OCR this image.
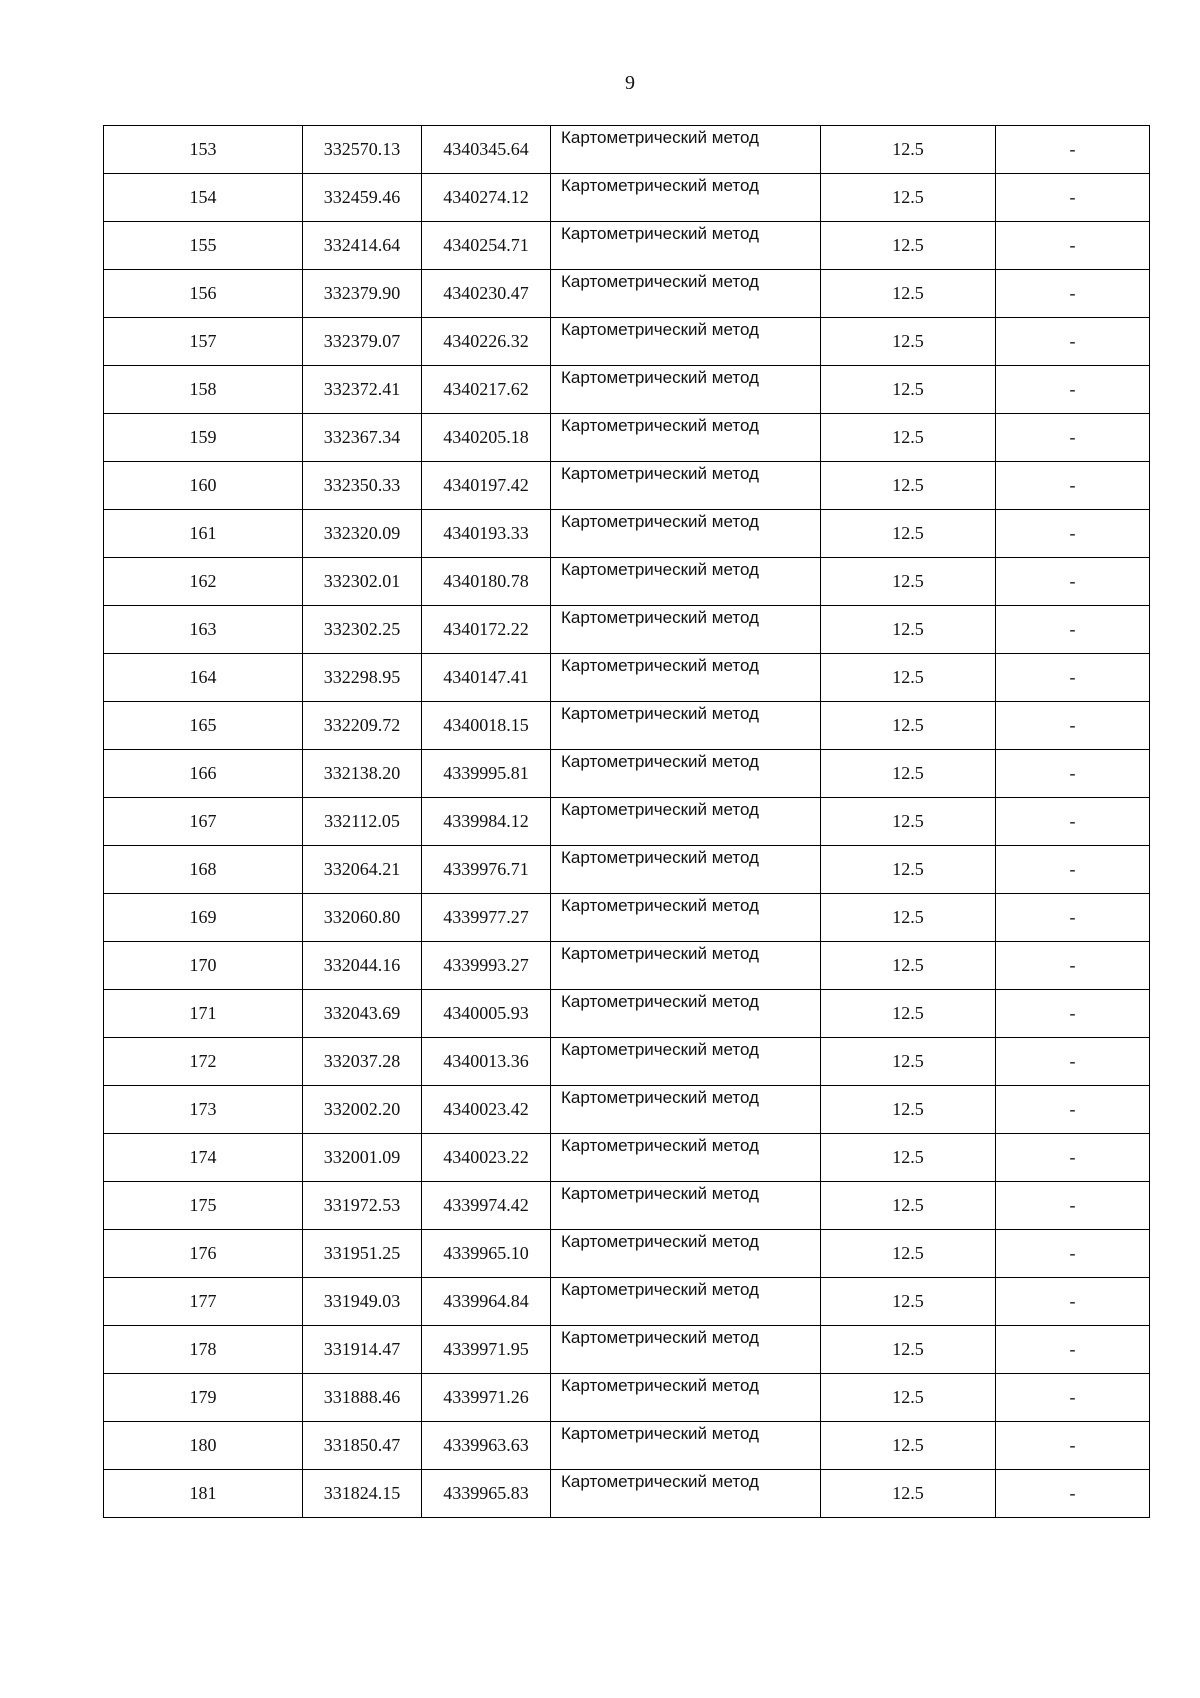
9
153	332570.13	4340345.64	Картометрический метод	12.5	-
154	332459.46	4340274.12	Картометрический метод	12.5	-
155	332414.64	4340254.71	Картометрический метод	12.5	-
156	332379.90	4340230.47	Картометрический метод	12.5	-
157	332379.07	4340226.32	Картометрический метод	12.5	-
158	332372.41	4340217.62	Картометрический метод	12.5	-
159	332367.34	4340205.18	Картометрический метод	12.5	-
160	332350.33	4340197.42	Картометрический метод	12.5	-
161	332320.09	4340193.33	Картометрический метод	12.5	-
162	332302.01	4340180.78	Картометрический метод	12.5	-
163	332302.25	4340172.22	Картометрический метод	12.5	-
164	332298.95	4340147.41	Картометрический метод	12.5	-
165	332209.72	4340018.15	Картометрический метод	12.5	-
166	332138.20	4339995.81	Картометрический метод	12.5	-
167	332112.05	4339984.12	Картометрический метод	12.5	-
168	332064.21	4339976.71	Картометрический метод	12.5	-
169	332060.80	4339977.27	Картометрический метод	12.5	-
170	332044.16	4339993.27	Картометрический метод	12.5	-
171	332043.69	4340005.93	Картометрический метод	12.5	-
172	332037.28	4340013.36	Картометрический метод	12.5	-
173	332002.20	4340023.42	Картометрический метод	12.5	-
174	332001.09	4340023.22	Картометрический метод	12.5	-
175	331972.53	4339974.42	Картометрический метод	12.5	-
176	331951.25	4339965.10	Картометрический метод	12.5	-
177	331949.03	4339964.84	Картометрический метод	12.5	-
178	331914.47	4339971.95	Картометрический метод	12.5	-
179	331888.46	4339971.26	Картометрический метод	12.5	-
180	331850.47	4339963.63	Картометрический метод	12.5	-
181	331824.15	4339965.83	Картометрический метод	12.5	-
